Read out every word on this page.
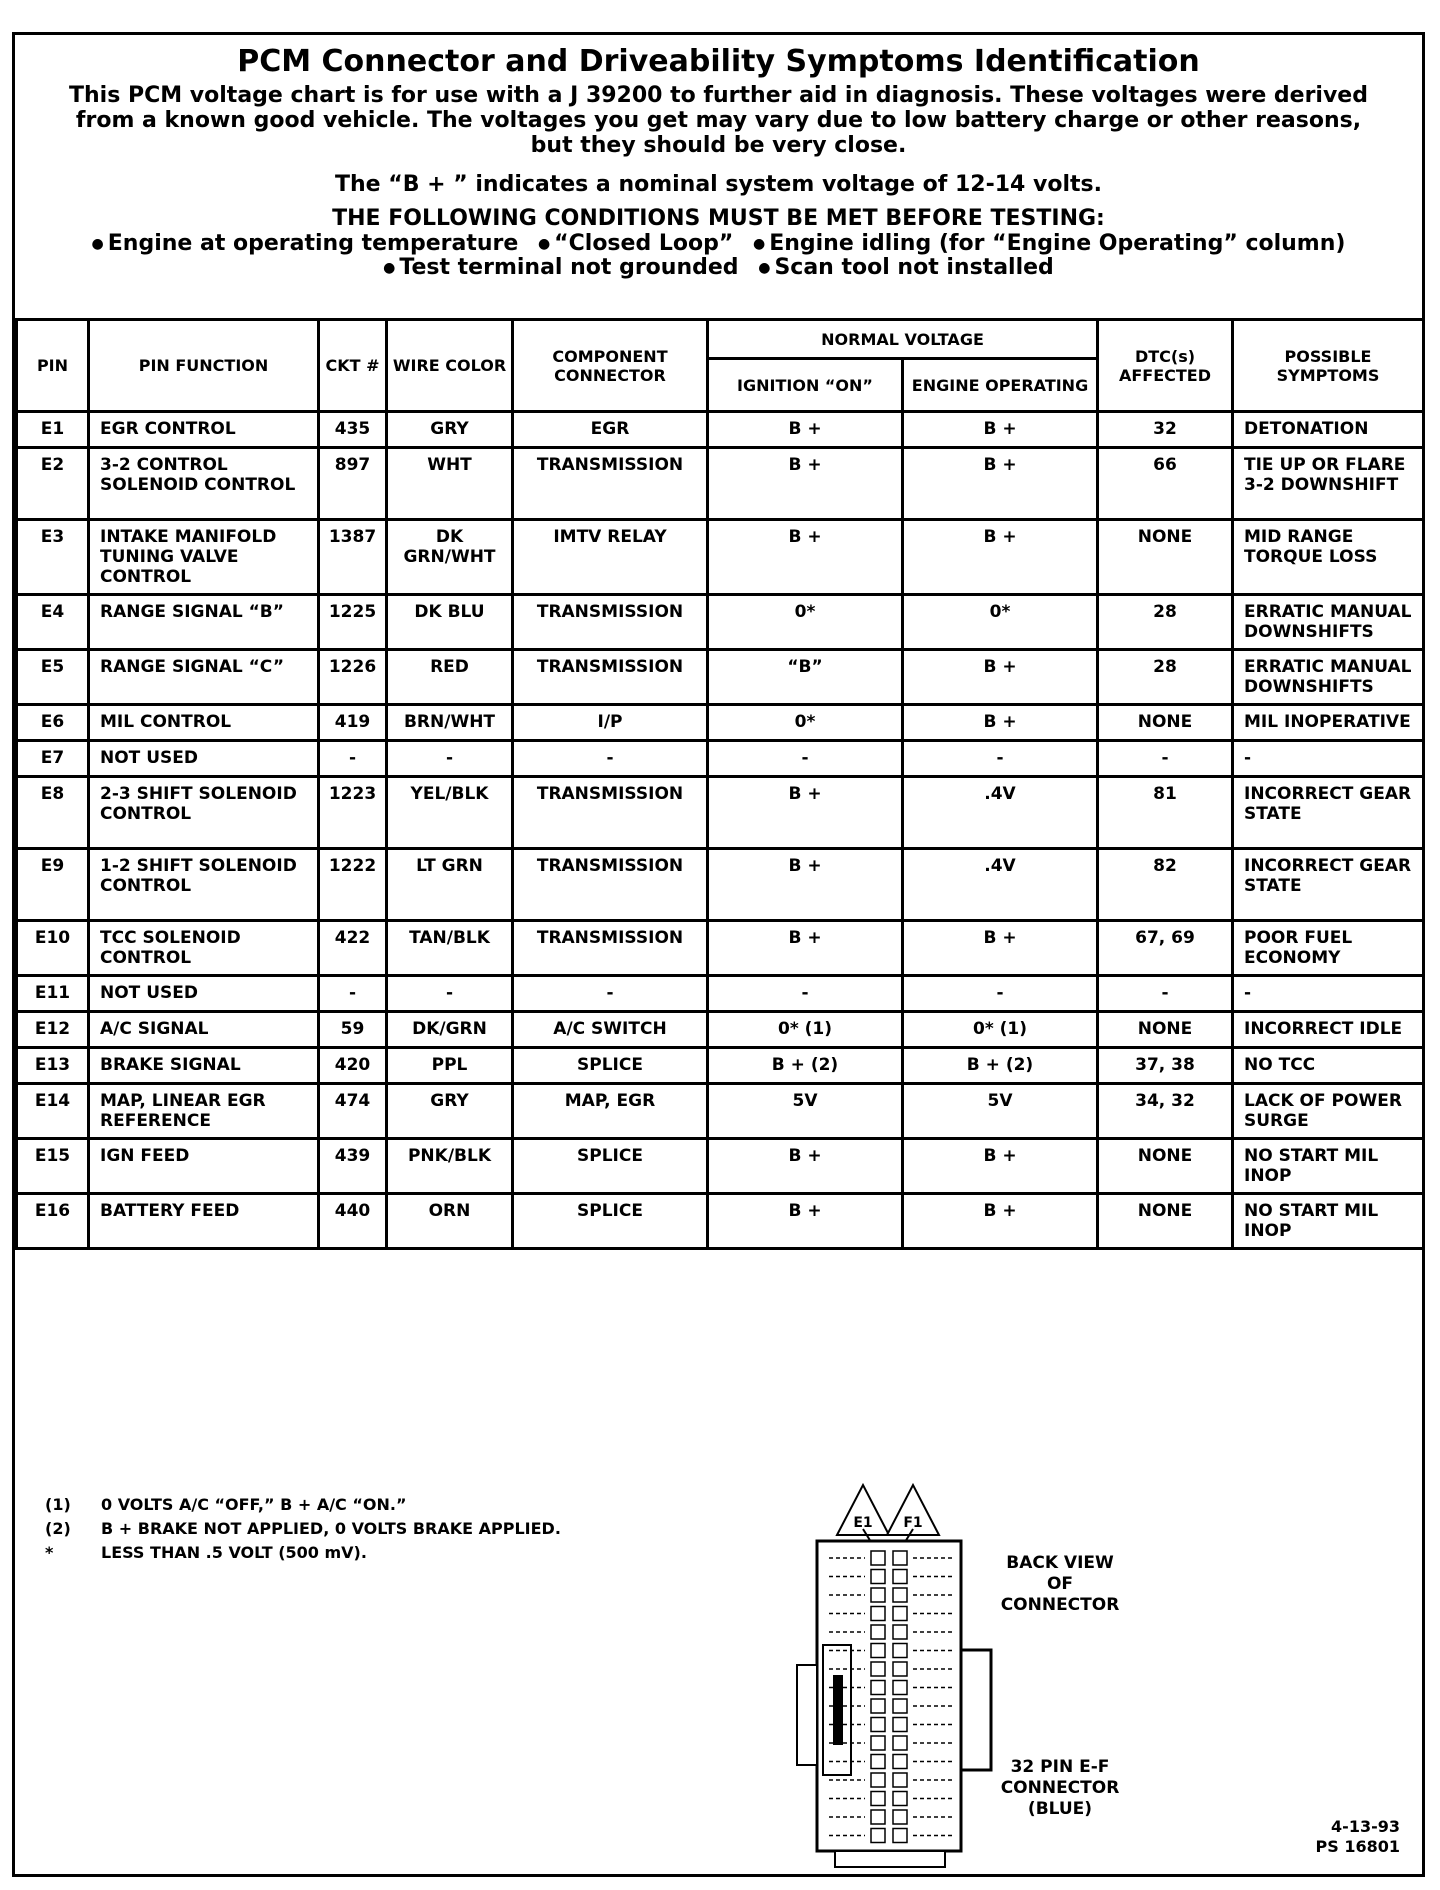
PCM Connector and Driveability Symptoms Identification
This PCM voltage chart is for use with a J 39200 to further aid in diagnosis. These voltages were derived from a known good vehicle. The voltages you get may vary due to low battery charge or other reasons, but they should be very close.
The “B + ” indicates a nominal system voltage of 12-14 volts.
THE FOLLOWING CONDITIONS MUST BE MET BEFORE TESTING:
● Engine at operating temperature ● “Closed Loop” ● Engine idling (for “Engine Operating” column)
● Test terminal not grounded ● Scan tool not installed
PIN	PIN FUNCTION	CKT #	WIRE COLOR	COMPONENT CONNECTOR	NORMAL VOLTAGE		DTC(s) AFFECTED	POSSIBLE SYMPTOMS
					IGNITION “ON”	ENGINE OPERATING		
E1	EGR CONTROL	435	GRY	EGR	B +	B +	32	DETONATION
E2	3-2 CONTROL SOLENOID CONTROL	897	WHT	TRANSMISSION	B +	B +	66	TIE UP OR FLARE 3-2 DOWNSHIFT
E3	INTAKE MANIFOLD TUNING VALVE CONTROL	1387	DK GRN/WHT	IMTV RELAY	B +	B +	NONE	MID RANGE TORQUE LOSS
E4	RANGE SIGNAL “B”	1225	DK BLU	TRANSMISSION	0*	0*	28	ERRATIC MANUAL DOWNSHIFTS
E5	RANGE SIGNAL “C”	1226	RED	TRANSMISSION	“B”	B +	28	ERRATIC MANUAL DOWNSHIFTS
E6	MIL CONTROL	419	BRN/WHT	I/P	0*	B +	NONE	MIL INOPERATIVE
E7	NOT USED	-	-	-	-	-	-	-
E8	2-3 SHIFT SOLENOID CONTROL	1223	YEL/BLK	TRANSMISSION	B +	.4V	81	INCORRECT GEAR STATE
E9	1-2 SHIFT SOLENOID CONTROL	1222	LT GRN	TRANSMISSION	B +	.4V	82	INCORRECT GEAR STATE
E10	TCC SOLENOID CONTROL	422	TAN/BLK	TRANSMISSION	B +	B +	67, 69	POOR FUEL ECONOMY
E11	NOT USED	-	-	-	-	-	-	-
E12	A/C SIGNAL	59	DK/GRN	A/C SWITCH	0* (1)	0* (1)	NONE	INCORRECT IDLE
E13	BRAKE SIGNAL	420	PPL	SPLICE	B + (2)	B + (2)	37, 38	NO TCC
E14	MAP, LINEAR EGR REFERENCE	474	GRY	MAP, EGR	5V	5V	34, 32	LACK OF POWER SURGE
E15	IGN FEED	439	PNK/BLK	SPLICE	B +	B +	NONE	NO START MIL INOP
E16	BATTERY FEED	440	ORN	SPLICE	B +	B +	NONE	NO START MIL INOP
(1) 0 VOLTS A/C “OFF,” B + A/C “ON.”
(2) B + BRAKE NOT APPLIED, 0 VOLTS BRAKE APPLIED.
*	LESS THAN .5 VOLT (500 mV).
E1 F1
BACK VIEW OF CONNECTOR
32 PIN E-F CONNECTOR (BLUE)
4-13-93
PS 16801
